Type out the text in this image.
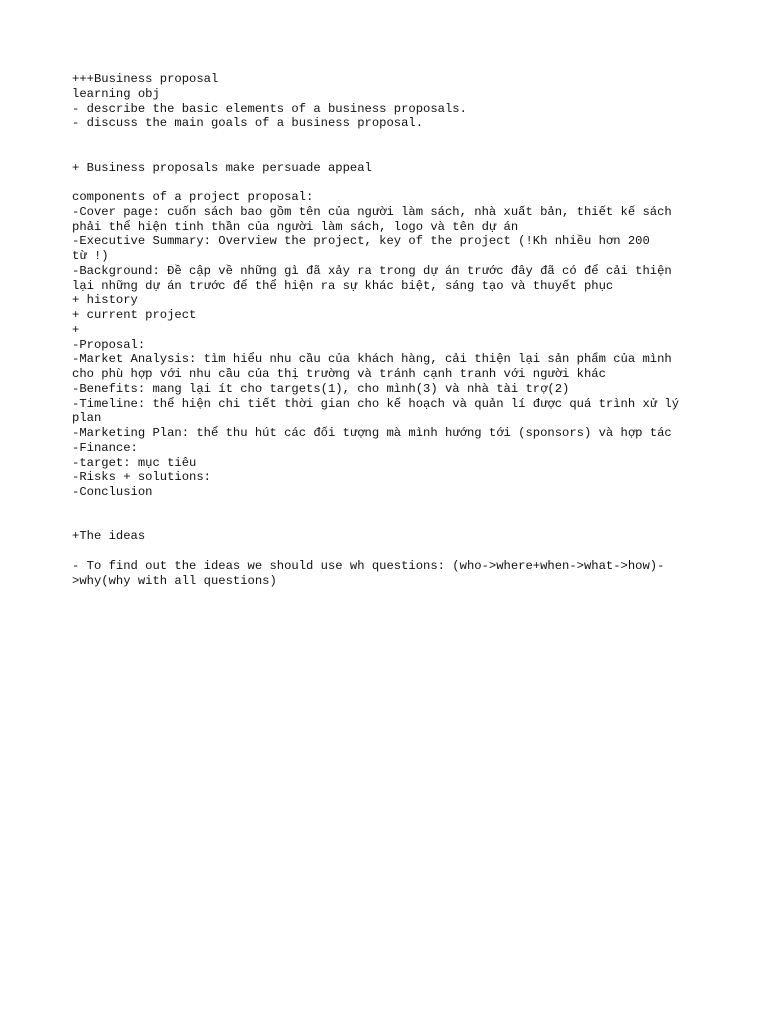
+++Business proposal
learning obj
- describe the basic elements of a business proposals.
- discuss the main goals of a business proposal.
+ Business proposals make persuade appeal
components of a project proposal:
-Cover page: cuốn sách bao gồm tên của người làm sách, nhà xuất bản, thiết kế sách
phải thể hiện tinh thần của người làm sách, logo và tên dự án
-Executive Summary: Overview the project, key of the project (!Kh nhiều hơn 200
từ !)
-Background: Đề cập về những gì đã xảy ra trong dự án trước đây đã có để cải thiện
lại những dự án trước để thể hiện ra sự khác biệt, sáng tạo và thuyết phục
+ history
+ current project
+
-Proposal:
-Market Analysis: tìm hiểu nhu cầu của khách hàng, cải thiện lại sản phẩm của mình
cho phù hợp với nhu cầu của thị trường và tránh cạnh tranh với người khác
-Benefits: mang lại ít cho targets(1), cho mình(3) và nhà tài trợ(2)
-Timeline: thể hiện chi tiết thời gian cho kế hoạch và quản lí được quá trình xử lý
plan
-Marketing Plan: thể thu hút các đối tượng mà mình hướng tới (sponsors) và hợp tác
-Finance:
-target: mục tiêu
-Risks + solutions:
-Conclusion
+The ideas
- To find out the ideas we should use wh questions: (who->where+when->what->how)-
>why(why with all questions)
